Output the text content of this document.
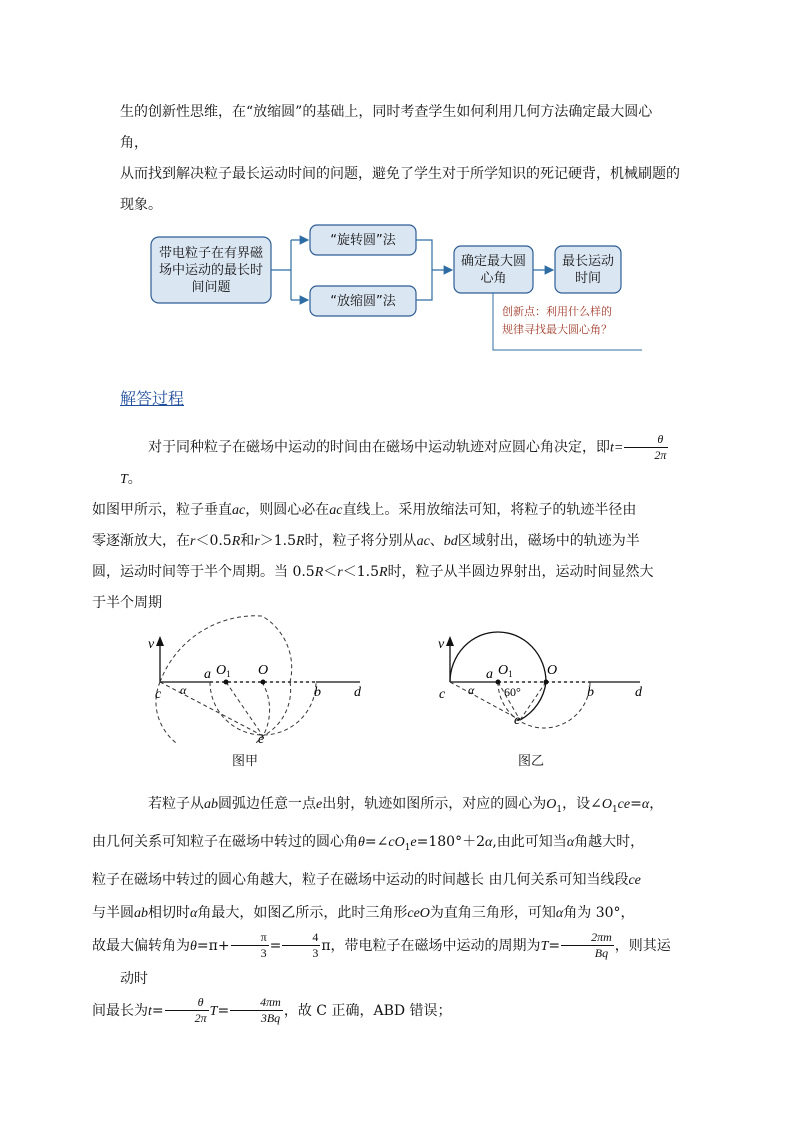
生的创新性思维，在“放缩圆”的基础上，同时考查学生如何利用几何方法确定最大圆心角，
从而找到解决粒子最长运动时间的问题，避免了学生对于所学知识的死记硬背，机械刷题的
现象。

带电粒子在有界磁场中运动的最长时间问题
“旋转圆”法
“放缩圆”法
确定最大圆心角
最长运动时间
创新点：利用什么样的
规律寻找最大圆心角？

解答过程

对于同种粒子在磁场中运动的时间由在磁场中运动轨迹对应圆心角决定，即$t= \frac{\theta}{2\pi}$
T。
如图甲所示，粒子垂直ac，则圆心必在ac直线上。采用放缩法可知，将粒子的轨迹半径由
零逐渐放大，在r＜0.5R和r＞1.5R时，粒子将分别从ac、bd区域射出，磁场中的轨迹为半
圆，运动时间等于半个周期。当 0.5R＜r＜1.5R时，粒子从半圆边界射出，运动时间显然大
于半个周期

v
c α
a $O_1$ O
b d
e
图甲
v
c α
a $O_1$
60°
O
b	d
e
图乙

若粒子从ab圆弧边任意一点e出射，轨迹如图所示，对应的圆心为$O_1$，设$\angle O_1ce=\alpha$，
由几何关系可知粒子在磁场中转过的圆心角$\theta=\angle cO_1e=180^\circ+2\alpha$,由此可知当α角越大时，
粒子在磁场中转过的圆心角越大，粒子在磁场中运动的时间越长 由几何关系可知当线段ce
与半圆ab相切时α角最大，如图乙所示，此时三角形ceO为直角三角形，可知α角为 30°，
故最大偏转角为$\theta=\pi+ \frac{\pi}{3} = \frac{4}{3}$ π，带电粒子在磁场中运动的周期为$T= \frac{2\pi m}{Bq}$ ，则其运动时
间最长为$t= \frac{\theta}{2\pi} T= \frac{4\pi m}{3Bq}$ ，故 C 正确，ABD 错误；
